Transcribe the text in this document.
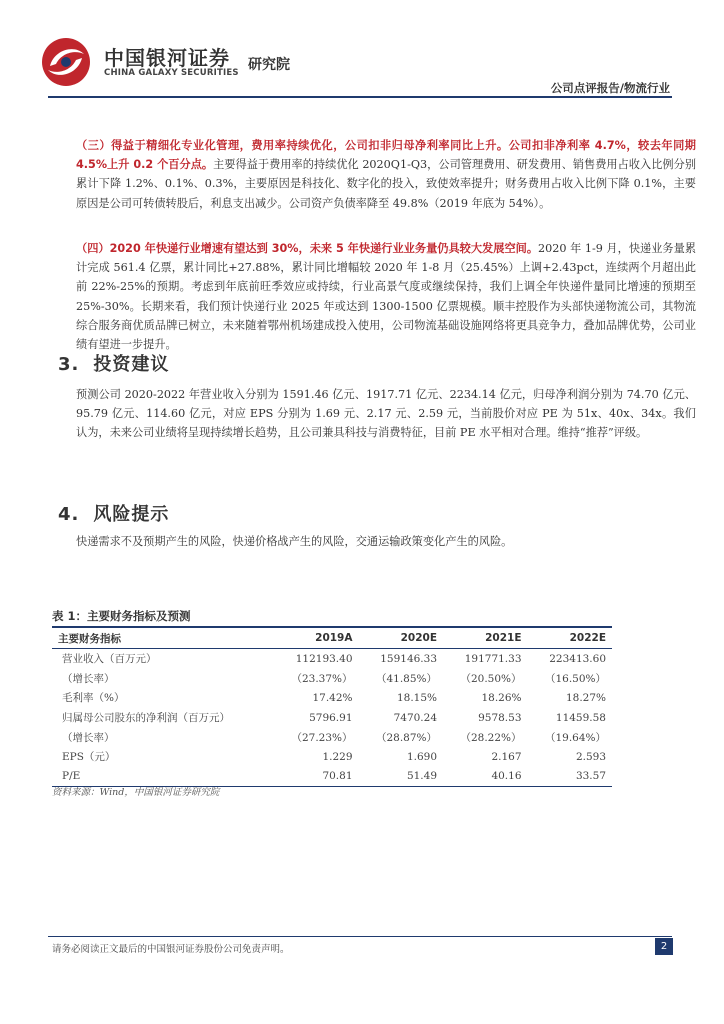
中国银河证券
CHINA GALAXY SECURITIES 研究院
公司点评报告/物流行业

（三）得益于精细化专业化管理，费用率持续优化，公司扣非归母净利率同比上升。公司扣非净利率 4.7%，较去年同期 4.5%上升 0.2 个百分点。主要得益于费用率的持续优化 2020Q1-Q3，公司管理费用、研发费用、销售费用占收入比例分别累计下降 1.2%、0.1%、0.3%，主要原因是科技化、数字化的投入，致使效率提升；财务费用占收入比例下降 0.1%，主要原因是公司可转债转股后，利息支出减少。公司资产负债率降至 49.8%（2019 年底为 54%）。

（四）2020 年快递行业增速有望达到 30%，未来 5 年快递行业业务量仍具较大发展空间。2020 年 1-9 月，快递业务量累计完成 561.4 亿票，累计同比+27.88%，累计同比增幅较 2020 年 1-8 月（25.45%）上调+2.43pct，连续两个月超出此前 22%-25%的预期。考虑到年底前旺季效应或持续，行业高景气度或继续保持，我们上调全年快递件量同比增速的预期至 25%-30%。长期来看，我们预计快递行业 2025 年或达到 1300-1500 亿票规模。顺丰控股作为头部快递物流公司，其物流综合服务商优质品牌已树立，未来随着鄂州机场建成投入使用，公司物流基础设施网络将更具竞争力，叠加品牌优势，公司业绩有望进一步提升。

3. 投资建议

预测公司 2020-2022 年营业收入分别为 1591.46 亿元、1917.71 亿元、2234.14 亿元，归母净利润分别为 74.70 亿元、95.79 亿元、114.60 亿元，对应 EPS 分别为 1.69 元、2.17 元、2.59 元，当前股价对应 PE 为 51x、40x、34x。我们认为，未来公司业绩将呈现持续增长趋势，且公司兼具科技与消费特征，目前 PE 水平相对合理。维持“推荐”评级。

4. 风险提示

快递需求不及预期产生的风险，快递价格战产生的风险，交通运输政策变化产生的风险。

表 1：主要财务指标及预测
主要财务指标	2019A	2020E	2021E	2022E
营业收入（百万元）	112193.40	159146.33	191771.33	223413.60
（增长率）	（23.37%）	（41.85%）	（20.50%）	（16.50%）
毛利率（%）	17.42%	18.15%	18.26%	18.27%
归属母公司股东的净利润（百万元）	5796.91	7470.24	9578.53	11459.58
（增长率）	（27.23%）	（28.87%）	（28.22%）	（19.64%）
EPS（元）	1.229	1.690	2.167	2.593
P/E	70.81	51.49	40.16	33.57
资料来源：Wind，中国银河证券研究院
请务必阅读正文最后的中国银河证券股份公司免责声明。	2
